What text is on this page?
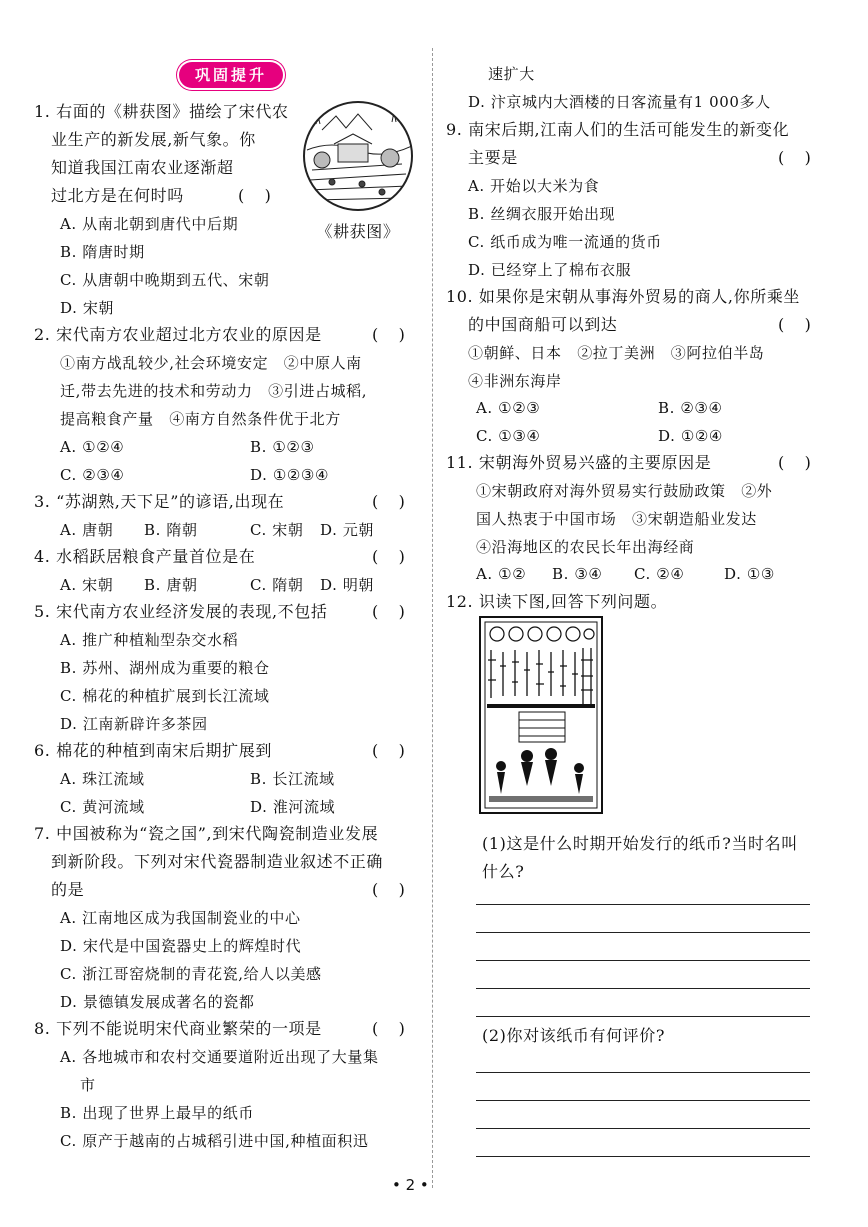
巩固提升
1. 右面的《耕获图》描绘了宋代农
业生产的新发展,新气象。你
知道我国江南农业逐渐超
过北方是在何时吗	(    )
A. 从南北朝到唐代中后期
B. 隋唐时期
C. 从唐朝中晚期到五代、宋朝
D. 宋朝
《耕获图》
2. 宋代南方农业超过北方农业的原因是	(    )
①南方战乱较少,社会环境安定　②中原人南
迁,带去先进的技术和劳动力　③引进占城稻,
提高粮食产量　④南方自然条件优于北方
A. ①②④	B. ①②③
C. ②③④	D. ①②③④
3. “苏湖熟,天下足”的谚语,出现在	(    )
A. 唐朝 B. 隋朝	C. 宋朝 D. 元朝
4. 水稻跃居粮食产量首位是在	(    )
A. 宋朝 B. 唐朝	C. 隋朝 D. 明朝
5. 宋代南方农业经济发展的表现,不包括	(    )
A. 推广种植籼型杂交水稻
B. 苏州、湖州成为重要的粮仓
C. 棉花的种植扩展到长江流域
D. 江南新辟许多茶园
6. 棉花的种植到南宋后期扩展到	(    )
A. 珠江流域	B. 长江流域
C. 黄河流域	D. 淮河流域
7. 中国被称为“瓷之国”,到宋代陶瓷制造业发展
到新阶段。下列对宋代瓷器制造业叙述不正确
的是	(    )
A. 江南地区成为我国制瓷业的中心
D. 宋代是中国瓷器史上的辉煌时代
C. 浙江哥窑烧制的青花瓷,给人以美感
D. 景德镇发展成著名的瓷都
8. 下列不能说明宋代商业繁荣的一项是	(    )
A. 各地城市和农村交通要道附近出现了大量集
市
B. 出现了世界上最早的纸币
C. 原产于越南的占城稻引进中国,种植面积迅
速扩大
D. 汴京城内大酒楼的日客流量有1 000多人
9. 南宋后期,江南人们的生活可能发生的新变化
主要是	(    )
A. 开始以大米为食
B. 丝绸衣服开始出现
C. 纸币成为唯一流通的货币
D. 已经穿上了棉布衣服
10. 如果你是宋朝从事海外贸易的商人,你所乘坐
的中国商船可以到达	(    )
①朝鲜、日本　②拉丁美洲　③阿拉伯半岛
④非洲东海岸
A. ①②③	B. ②③④
C. ①③④	D. ①②④
11. 宋朝海外贸易兴盛的主要原因是	(    )
①宋朝政府对海外贸易实行鼓励政策　②外
国人热衷于中国市场　③宋朝造船业发达
④沿海地区的农民长年出海经商
A. ①② B. ③④ C. ②④	D. ①③
12. 识读下图,回答下列问题。
(1)这是什么时期开始发行的纸币?当时名叫
什么?
(2)你对该纸币有何评价?
• 2 •
